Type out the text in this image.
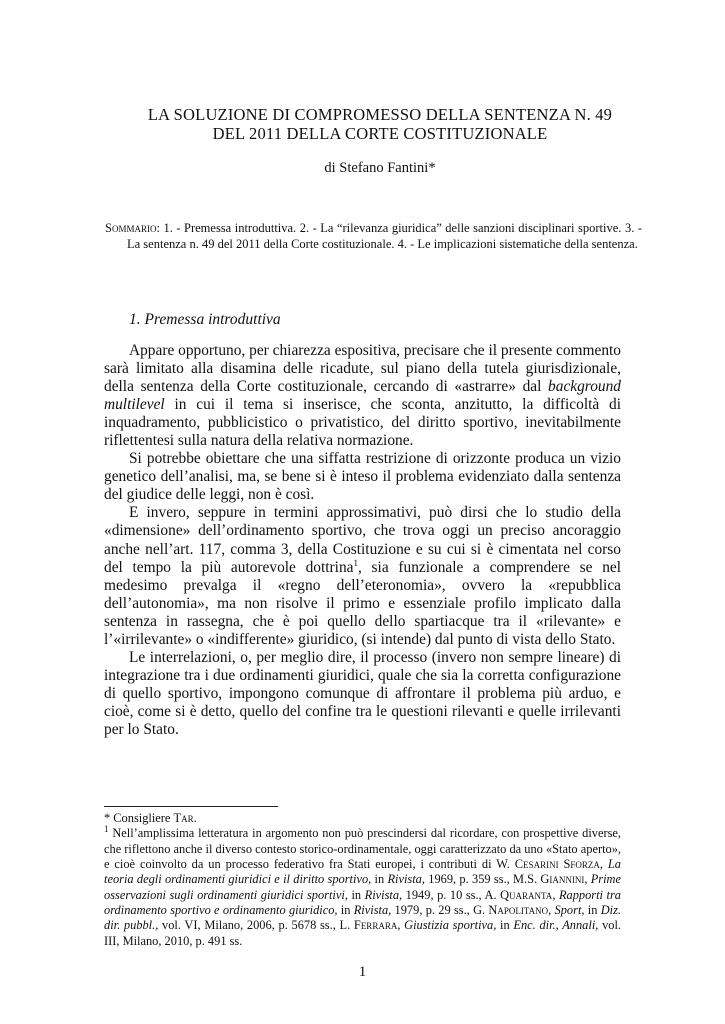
LA SOLUZIONE DI COMPROMESSO DELLA SENTENZA N. 49
DEL 2011 DELLA CORTE COSTITUZIONALE
di Stefano Fantini*
Sommario: 1. - Premessa introduttiva. 2. - La “rilevanza giuridica” delle sanzioni disciplinari sportive. 3. - La sentenza n. 49 del 2011 della Corte costituzionale. 4. - Le implicazioni sistematiche della sentenza.
1. Premessa introduttiva

Appare opportuno, per chiarezza espositiva, precisare che il presente commento sarà limitato alla disamina delle ricadute, sul piano della tutela giurisdizionale, della sentenza della Corte costituzionale, cercando di «astrarre» dal background multilevel in cui il tema si inserisce, che sconta, anzitutto, la difficoltà di inquadramento, pubblicistico o privatistico, del diritto sportivo, inevitabilmente riflettentesi sulla natura della relativa normazione.

Si potrebbe obiettare che una siffatta restrizione di orizzonte produca un vizio genetico dell’analisi, ma, se bene si è inteso il problema evidenziato dalla sentenza del giudice delle leggi, non è così.

E invero, seppure in termini approssimativi, può dirsi che lo studio della «dimensione» dell’ordinamento sportivo, che trova oggi un preciso ancoraggio anche nell’art. 117, comma 3, della Costituzione e su cui si è cimentata nel corso del tempo la più autorevole dottrina$^1$, sia funzionale a comprendere se nel medesimo prevalga il «regno dell’eteronomia», ovvero la «repubblica dell’autonomia», ma non risolve il primo e essenziale profilo implicato dalla sentenza in rassegna, che è poi quello dello spartiacque tra il «rilevante» e l’«irrilevante» o «indifferente» giuridico, (si intende) dal punto di vista dello Stato.

Le interrelazioni, o, per meglio dire, il processo (invero non sempre lineare) di integrazione tra i due ordinamenti giuridici, quale che sia la corretta configurazione di quello sportivo, impongono comunque di affrontare il problema più arduo, e cioè, come si è detto, quello del confine tra le questioni rilevanti e quelle irrilevanti per lo Stato.

* Consigliere Tar.

$^1$ Nell’amplissima letteratura in argomento non può prescindersi dal ricordare, con prospettive diverse, che riflettono anche il diverso contesto storico-ordinamentale, oggi caratterizzato da uno «Stato aperto», e cioè coinvolto da un processo federativo fra Stati europei, i contributi di W. Cesarini Sforza, La teoria degli ordinamenti giuridici e il diritto sportivo, in Rivista, 1969, p. 359 ss., M.S. Giannini, Prime osservazioni sugli ordinamenti giuridici sportivi, in Rivista, 1949, p. 10 ss., A. Quaranta, Rapporti tra ordinamento sportivo e ordinamento giuridico, in Rivista, 1979, p. 29 ss., G. Napolitano, Sport, in Diz. dir. pubbl., vol. VI, Milano, 2006, p. 5678 ss., L. Ferrara, Giustizia sportiva, in Enc. dir., Annali, vol. III, Milano, 2010, p. 491 ss.

1
